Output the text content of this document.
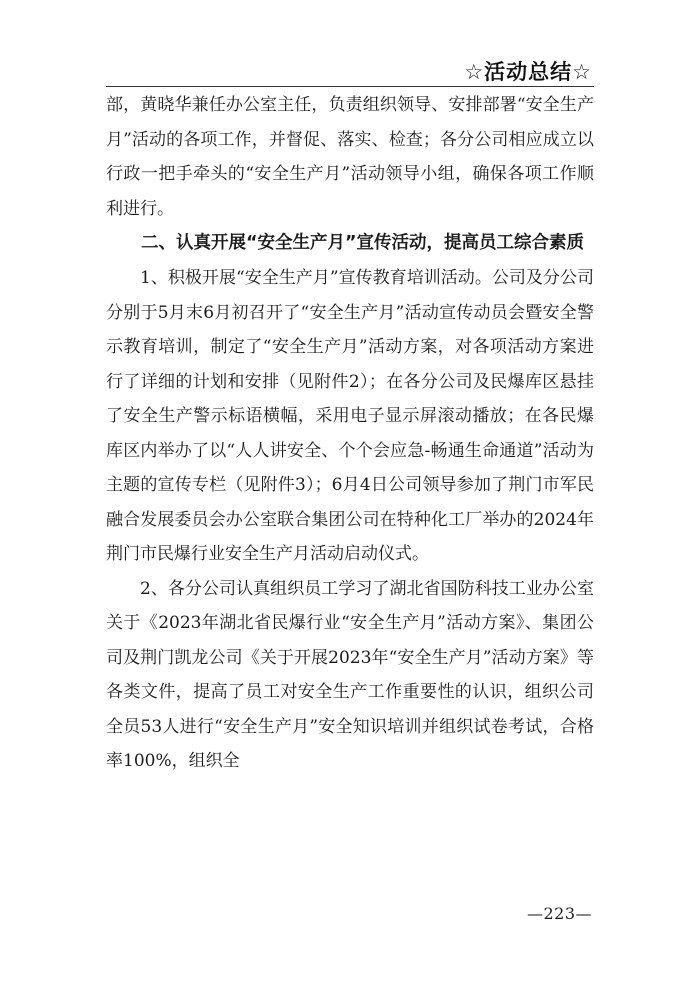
☆活动总结☆

部，黄晓华兼任办公室主任，负责组织领导、安排部署“安全生产月”活动的各项工作，并督促、落实、检查；各分公司相应成立以行政一把手牵头的“安全生产月”活动领导小组，确保各项工作顺利进行。

二、认真开展“安全生产月”宣传活动，提高员工综合素质

1、积极开展“安全生产月”宣传教育培训活动。公司及分公司分别于5月末6月初召开了“安全生产月”活动宣传动员会暨安全警示教育培训，制定了“安全生产月”活动方案，对各项活动方案进行了详细的计划和安排（见附件2）；在各分公司及民爆库区悬挂了安全生产警示标语横幅，采用电子显示屏滚动播放；在各民爆库区内举办了以“人人讲安全、个个会应急-畅通生命通道”活动为主题的宣传专栏（见附件3）；6月4日公司领导参加了荆门市军民融合发展委员会办公室联合集团公司在特种化工厂举办的2024年荆门市民爆行业安全生产月活动启动仪式。

2、各分公司认真组织员工学习了湖北省国防科技工业办公室关于《2023年湖北省民爆行业“安全生产月”活动方案》、集团公司及荆门凯龙公司《关于开展2023年“安全生产月”活动方案》等各类文件，提高了员工对安全生产工作重要性的认识，组织公司全员53人进行“安全生产月”安全知识培训并组织试卷考试，合格率100%，组织全

—223—
